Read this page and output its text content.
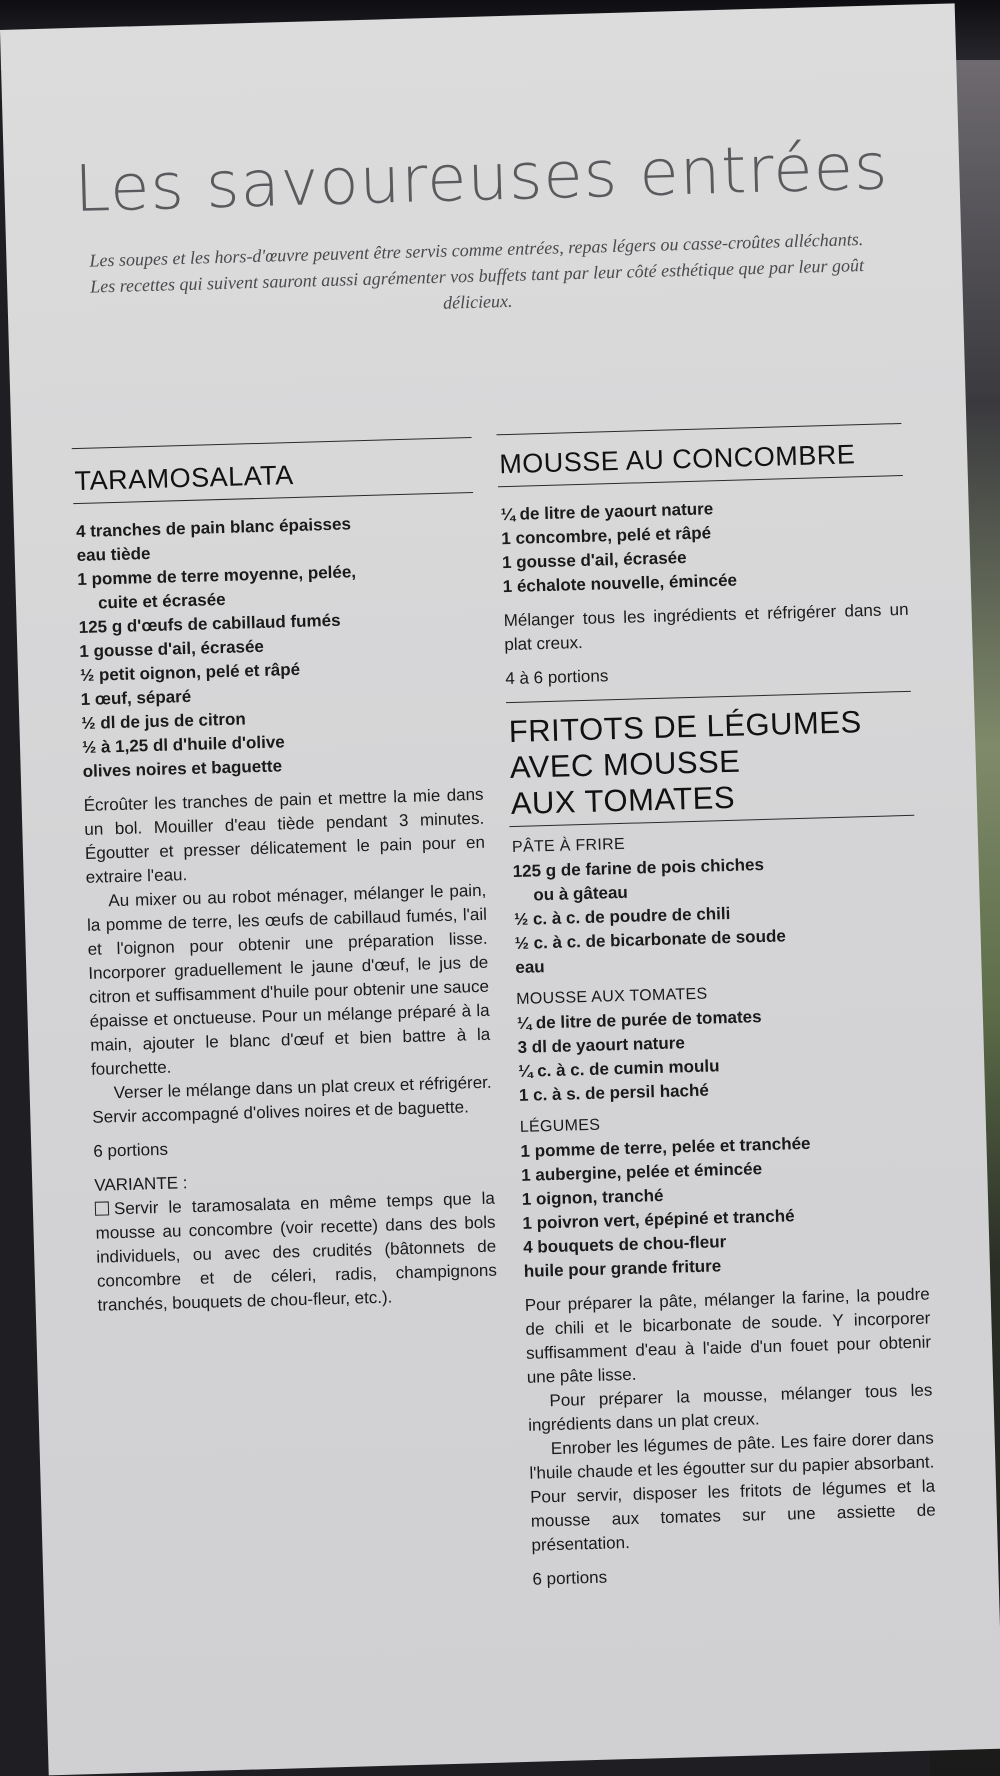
Les savoureuses entrées
Les soupes et les hors-d'œuvre peuvent être servis comme entrées, repas légers ou casse-croûtes alléchants. Les recettes qui suivent sauront aussi agrémenter vos buffets tant par leur côté esthétique que par leur goût délicieux.
TARAMOSALATA
4 tranches de pain blanc épaisses
eau tiède
1 pomme de terre moyenne, pelée,
cuite et écrasée
125 g d'œufs de cabillaud fumés
1 gousse d'ail, écrasée
½ petit oignon, pelé et râpé
1 œuf, séparé
½ dl de jus de citron
½ à 1,25 dl d'huile d'olive
olives noires et baguette

Écroûter les tranches de pain et mettre la mie dans un bol. Mouiller d'eau tiède pendant 3 minutes. Égoutter et presser délicatement le pain pour en extraire l'eau.

Au mixer ou au robot ménager, mélanger le pain, la pomme de terre, les œufs de cabillaud fumés, l'ail et l'oignon pour obtenir une préparation lisse. Incorporer graduellement le jaune d'œuf, le jus de citron et suffisamment d'huile pour obtenir une sauce épaisse et onctueuse. Pour un mélange préparé à la main, ajouter le blanc d'œuf et bien battre à la fourchette.

Verser le mélange dans un plat creux et réfrigérer. Servir accompagné d'olives noires et de baguette.

6 portions
VARIANTE :

Servir le taramosalata en même temps que la mousse au concombre (voir recette) dans des bols individuels, ou avec des crudités (bâtonnets de concombre et de céleri, radis, champignons tranchés, bouquets de chou-fleur, etc.).

MOUSSE AU CONCOMBRE
¼ de litre de yaourt nature
1 concombre, pelé et râpé
1 gousse d'ail, écrasée
1 échalote nouvelle, émincée

Mélanger tous les ingrédients et réfrigérer dans un plat creux.

4 à 6 portions
FRITOTS DE LÉGUMES
AVEC MOUSSE
AUX TOMATES
PÂTE À FRIRE
125 g de farine de pois chiches
ou à gâteau
½ c. à c. de poudre de chili
½ c. à c. de bicarbonate de soude
eau
MOUSSE AUX TOMATES
¼ de litre de purée de tomates
3 dl de yaourt nature
¼ c. à c. de cumin moulu
1 c. à s. de persil haché
LÉGUMES
1 pomme de terre, pelée et tranchée
1 aubergine, pelée et émincée
1 oignon, tranché
1 poivron vert, épépiné et tranché
4 bouquets de chou-fleur
huile pour grande friture

Pour préparer la pâte, mélanger la farine, la poudre de chili et le bicarbonate de soude. Y incorporer suffisamment d'eau à l'aide d'un fouet pour obtenir une pâte lisse.

Pour préparer la mousse, mélanger tous les ingrédients dans un plat creux.

Enrober les légumes de pâte. Les faire dorer dans l'huile chaude et les égoutter sur du papier absorbant. Pour servir, disposer les fritots de légumes et la mousse aux tomates sur une assiette de présentation.

6 portions
